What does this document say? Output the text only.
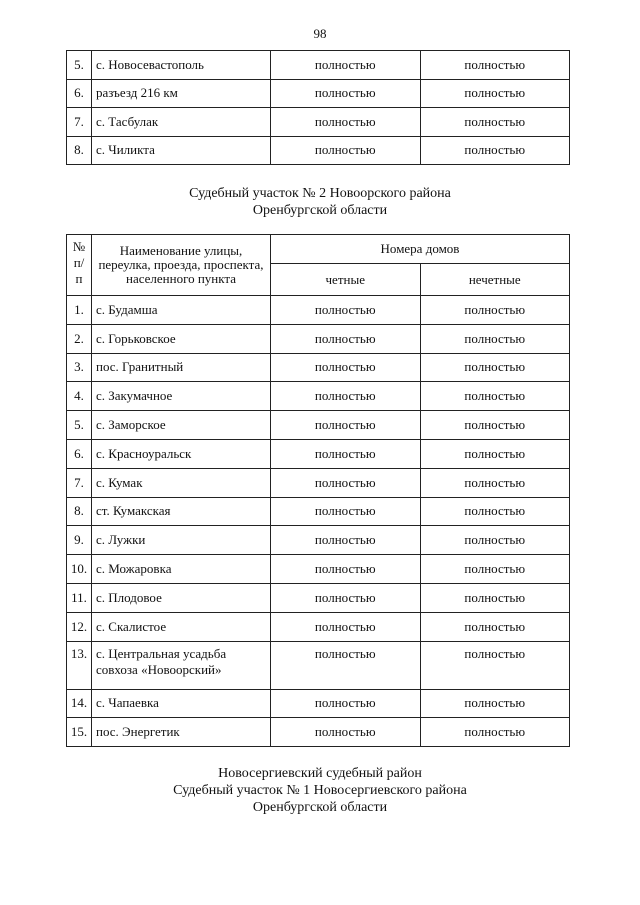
98
5.	с. Новосевастополь	полностью	полностью
6.	разъезд 216 км	полностью	полностью
7.	с. Тасбулак	полностью	полностью
8.	с. Чиликта	полностью	полностью
Судебный участок № 2 Новоорского района
Оренбургской области
№ п/п	Наименование улицы, переулка, проезда, проспекта, населенного пункта	Номера домов	
		четные	нечетные
1.	с. Будамша	полностью	полностью
2.	с. Горьковское	полностью	полностью
3.	пос. Гранитный	полностью	полностью
4.	с. Закумачное	полностью	полностью
5.	с. Заморское	полностью	полностью
6.	с. Красноуральск	полностью	полностью
7.	с. Кумак	полностью	полностью
8.	ст. Кумакская	полностью	полностью
9.	с. Лужки	полностью	полностью
10.	с. Можаровка	полностью	полностью
11.	с. Плодовое	полностью	полностью
12.	с. Скалистое	полностью	полностью
13.	с. Центральная усадьба совхоза «Новоорский»	полностью	полностью
14.	с. Чапаевка	полностью	полностью
15.	пос. Энергетик	полностью	полностью
Новосергиевский судебный район
Судебный участок № 1 Новосергиевского района
Оренбургской области
